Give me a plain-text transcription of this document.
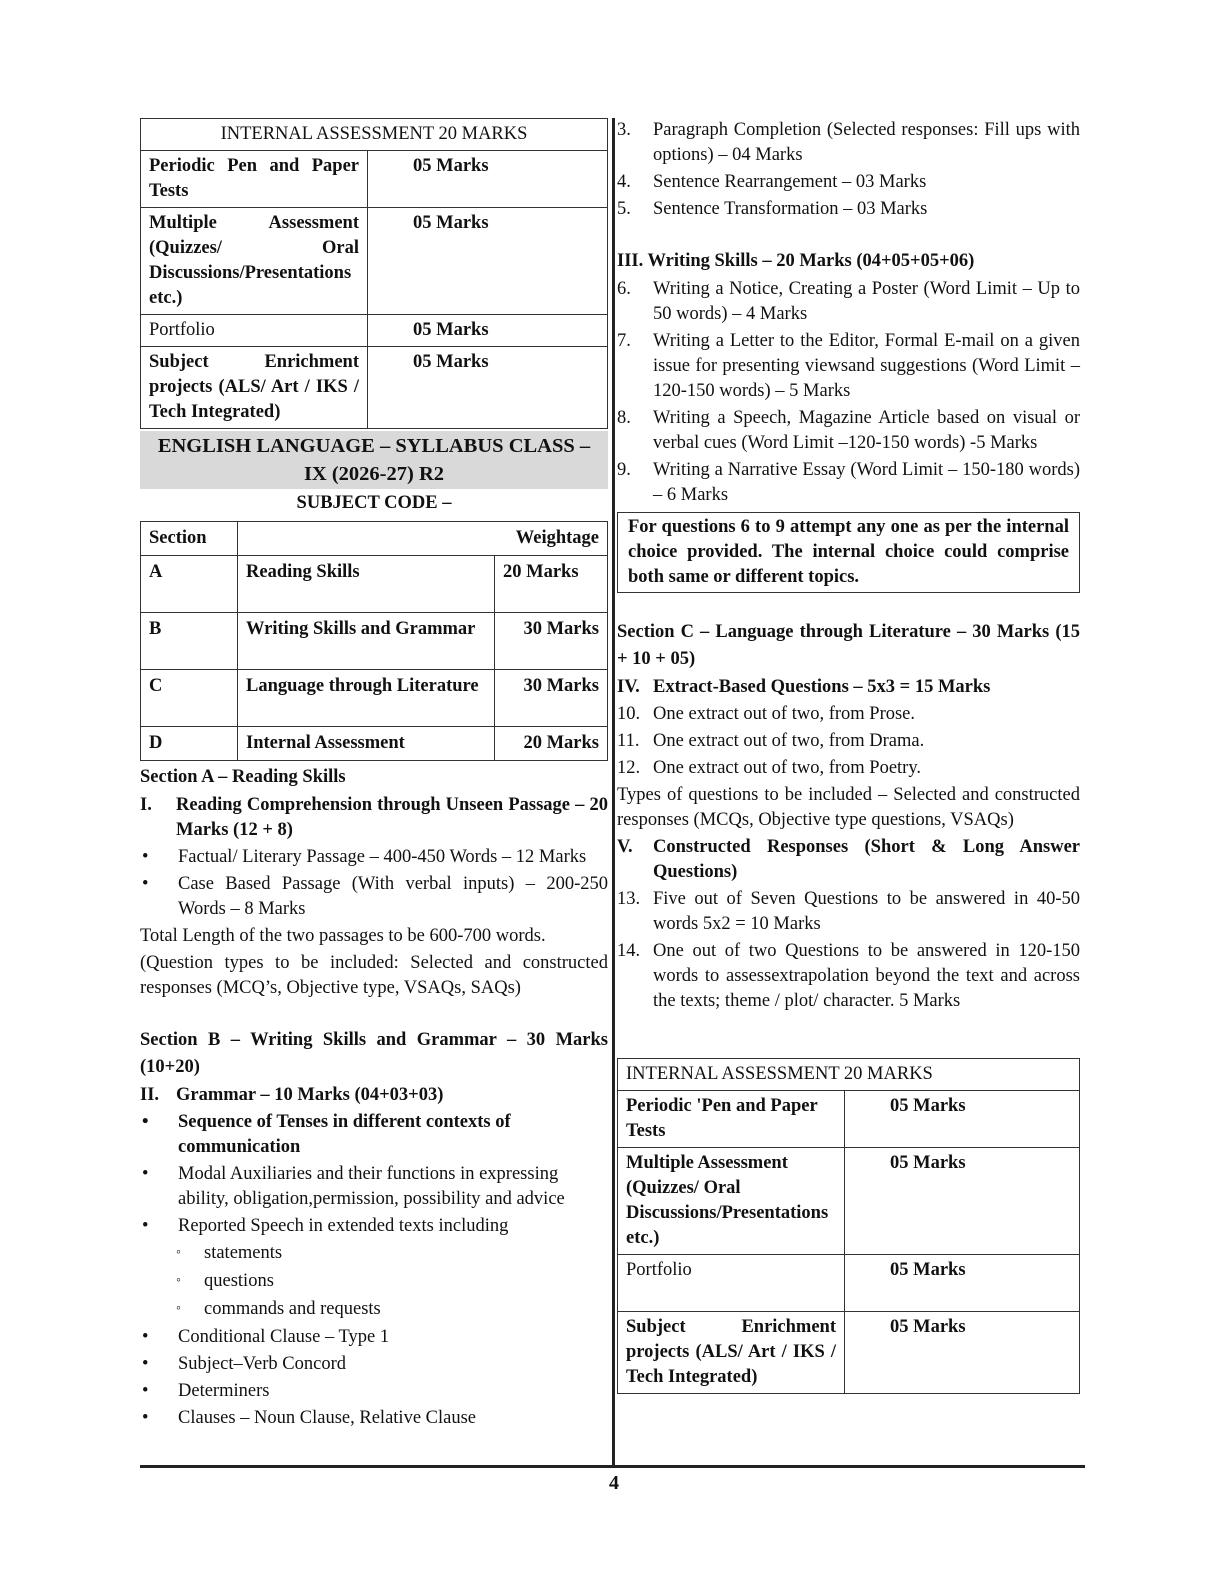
INTERNAL ASSESSMENT 20 MARKS	
Periodic Pen and Paper Tests	05 Marks
Multiple Assessment (Quizzes/ Oral Discussions/Presentations etc.)	05 Marks
Portfolio	05 Marks
Subject Enrichment projects (ALS/ Art / IKS / Tech Integrated)	05 Marks
ENGLISH LANGUAGE – SYLLABUS CLASS – IX (2026-27) R2
SUBJECT CODE –
Section	Weightage	
A	Reading Skills	20 Marks
B	Writing Skills and Grammar	30 Marks
C	Language through Literature	30 Marks
D	Internal Assessment	20 Marks
Section A – Reading Skills
I.	Reading Comprehension through Unseen Passage – 20 Marks (12 + 8)
•	Factual/ Literary Passage – 400-450 Words – 12 Marks
•	Case Based Passage (With verbal inputs) – 200-250 Words – 8 Marks

Total Length of the two passages to be 600-700 words.

(Question types to be included: Selected and constructed responses (MCQ’s, Objective type, VSAQs, SAQs)

Section B – Writing Skills and Grammar – 30 Marks (10+20)
II. Grammar – 10 Marks (04+03+03)
•	Sequence of Tenses in different contexts of communication
•	Modal Auxiliaries and their functions in expressing ability, obligation,permission, possibility and advice
•	Reported Speech in extended texts including
◦	statements
◦	questions
◦	commands and requests
•	Conditional Clause – Type 1
•	Subject–Verb Concord
•	Determiners
•	Clauses – Noun Clause, Relative Clause
3.	Paragraph Completion (Selected responses: Fill ups with options) – 04 Marks
4.	Sentence Rearrangement – 03 Marks
5.	Sentence Transformation – 03 Marks
III. Writing Skills – 20 Marks (04+05+05+06)
6.	Writing a Notice, Creating a Poster (Word Limit – Up to 50 words) – 4 Marks
7.	Writing a Letter to the Editor, Formal E-mail on a given issue for presenting viewsand suggestions (Word Limit – 120-150 words) – 5 Marks
8.	Writing a Speech, Magazine Article based on visual or verbal cues (Word Limit –120-150 words) -5 Marks
9.	Writing a Narrative Essay (Word Limit – 150-180 words) – 6 Marks
For questions 6 to 9 attempt any one as per the internal choice provided. The internal choice could comprise both same or different topics.
Section C – Language through Literature – 30 Marks (15 + 10 + 05)
IV. Extract-Based Questions – 5x3 = 15 Marks
10. One extract out of two, from Prose.
11. One extract out of two, from Drama.
12. One extract out of two, from Poetry.

Types of questions to be included – Selected and constructed responses (MCQs, Objective type questions, VSAQs)

V.	Constructed Responses (Short & Long Answer Questions)
13. Five out of Seven Questions to be answered in 40-50 words 5x2 = 10 Marks
14. One out of two Questions to be answered in 120-150 words to assessextrapolation beyond the text and across the texts; theme / plot/ character. 5 Marks
INTERNAL ASSESSMENT 20 MARKS	
Periodic 'Pen and Paper Tests	05 Marks
Multiple Assessment (Quizzes/ Oral Discussions/Presentations etc.)	05 Marks
Portfolio	05 Marks
Subject Enrichment projects (ALS/ Art / IKS / Tech Integrated)	05 Marks
4
